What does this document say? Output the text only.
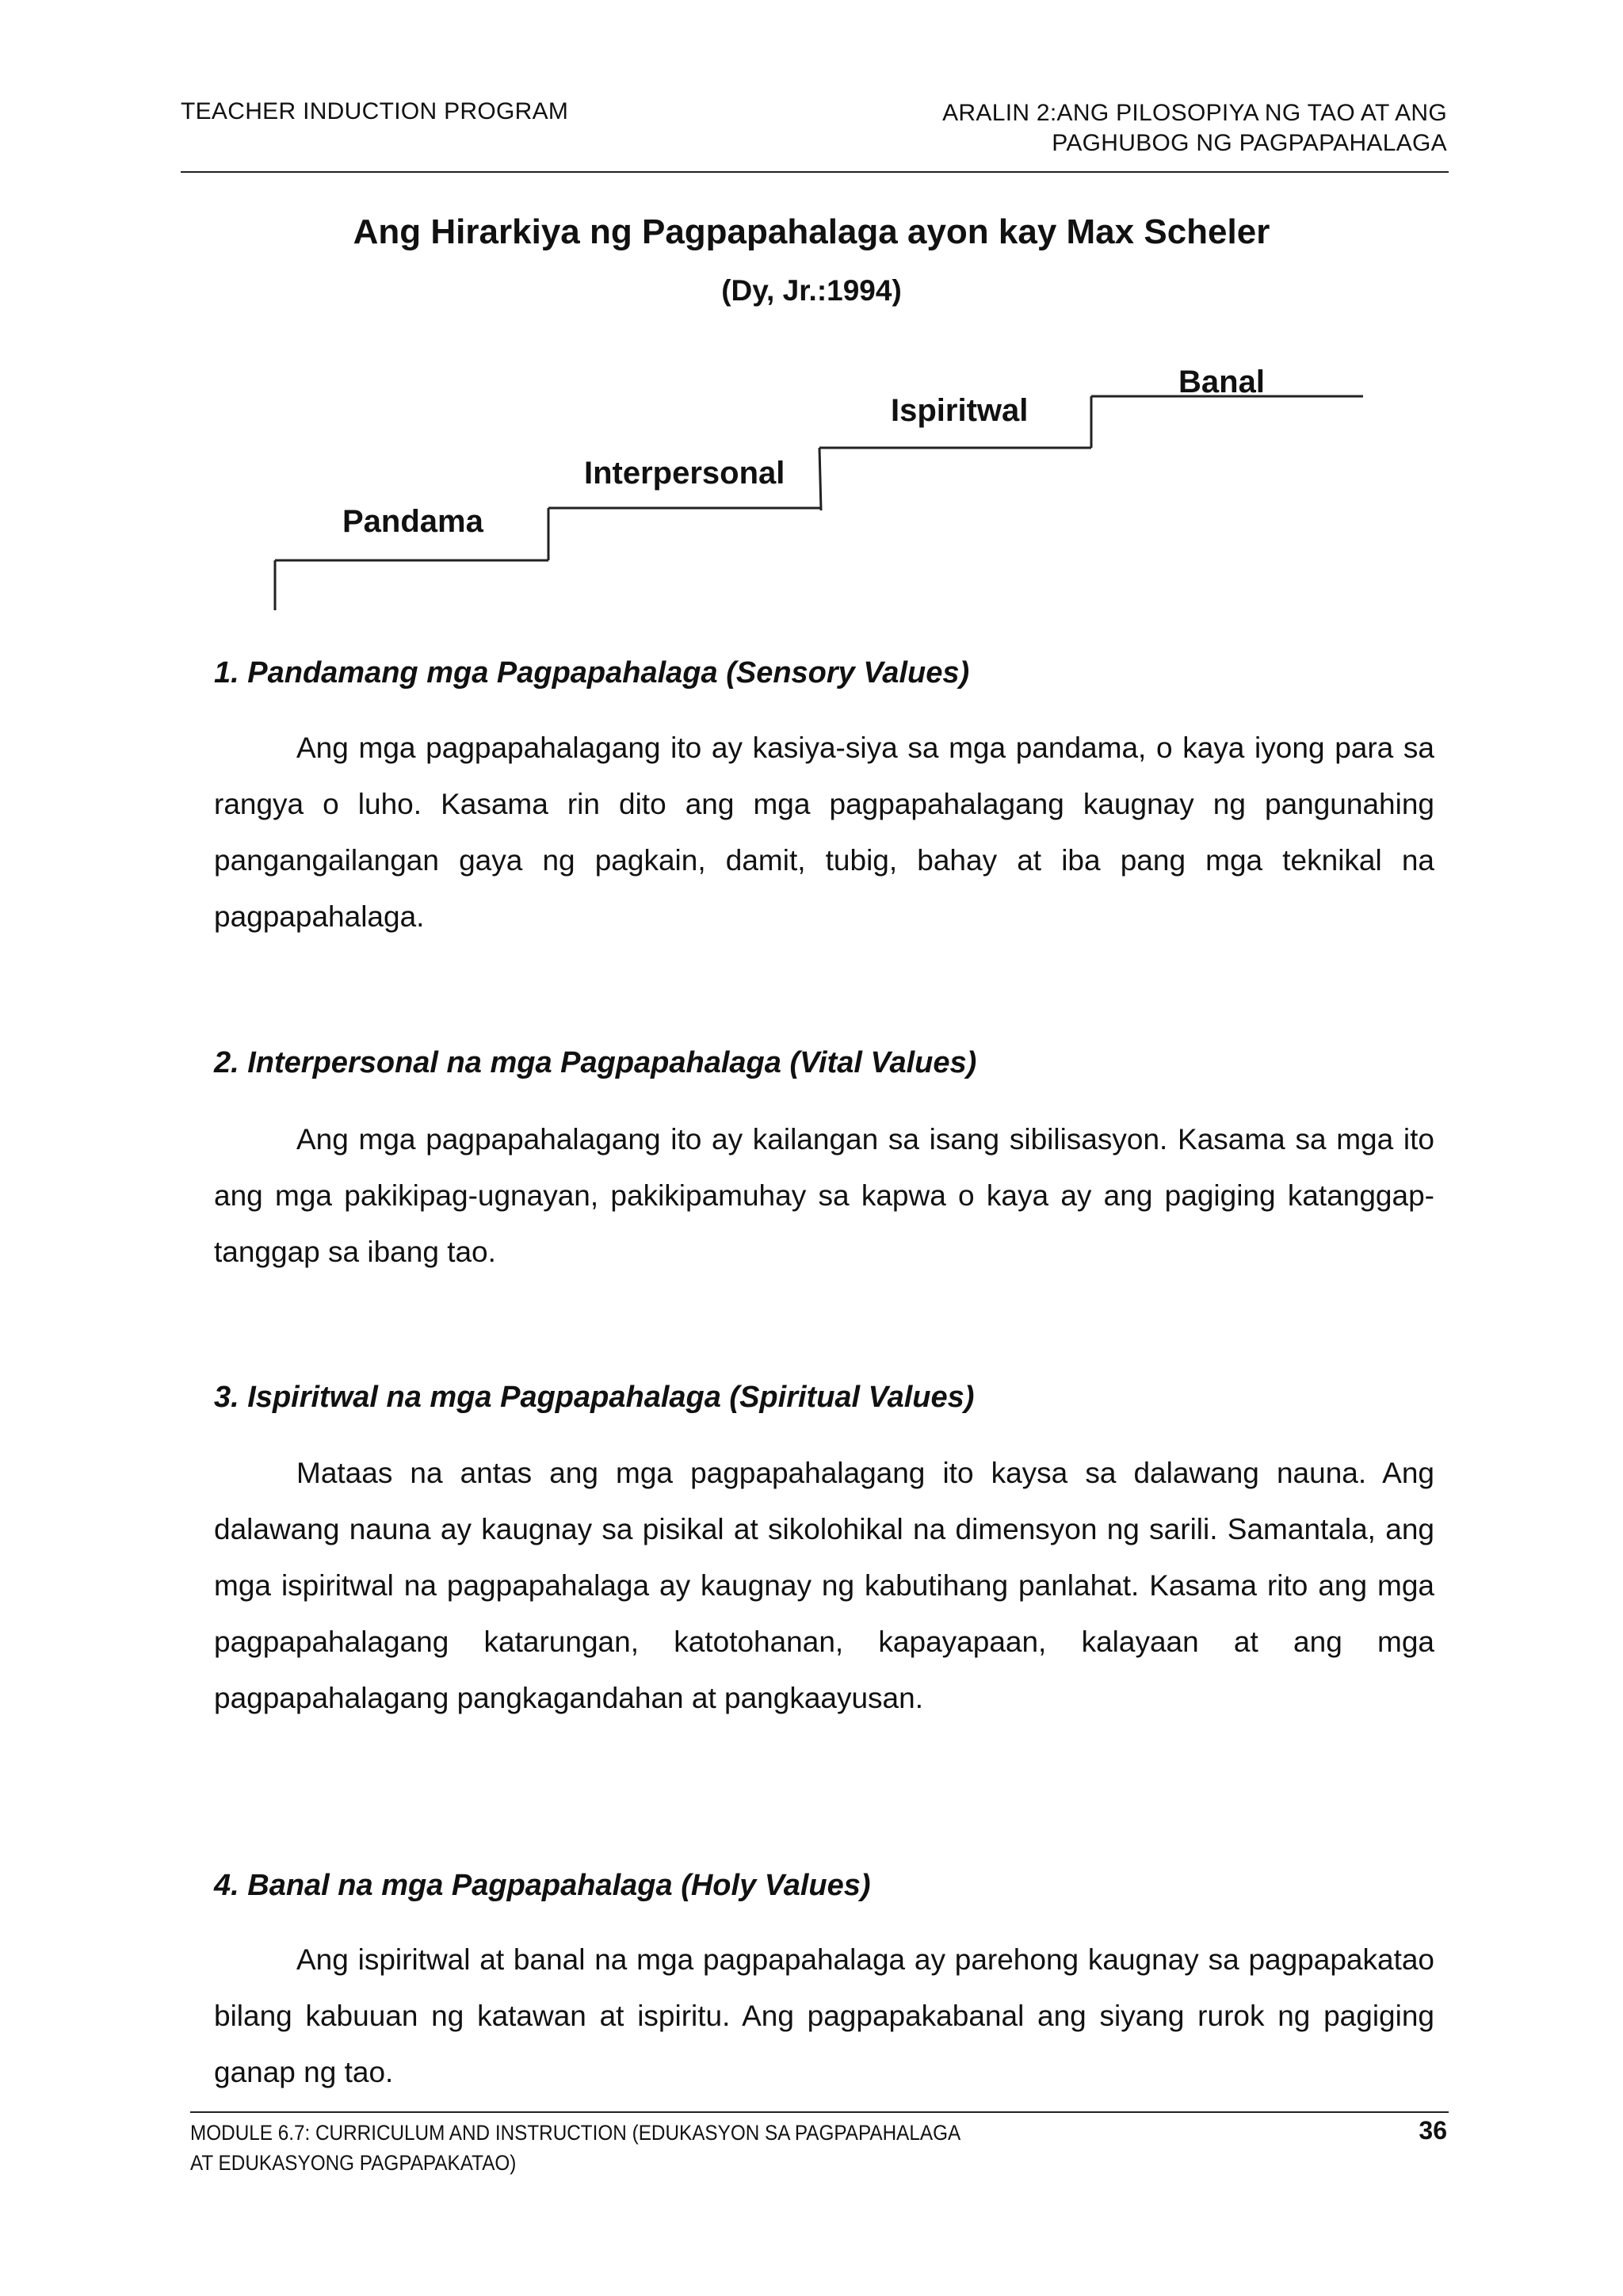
TEACHER INDUCTION PROGRAM	ARALIN 2:ANG PILOSOPIYA NG TAO AT ANG
PAGHUBOG NG PAGPAPAHALAGA
Ang Hirarkiya ng Pagpapahalaga ayon kay Max Scheler
(Dy, Jr.:1994)
Pandama
Interpersonal
Ispiritwal
Banal
1. Pandamang mga Pagpapahalaga (Sensory Values)

Ang mga pagpapahalagang ito ay kasiya-siya sa mga pandama, o kaya iyong para sa rangya o luho. Kasama rin dito ang mga pagpapahalagang kaugnay ng pangunahing pangangailangan gaya ng pagkain, damit, tubig, bahay at iba pang mga teknikal na pagpapahalaga.

2. Interpersonal na mga Pagpapahalaga (Vital Values)

Ang mga pagpapahalagang ito ay kailangan sa isang sibilisasyon. Kasama sa mga ito ang mga pakikipag-ugnayan, pakikipamuhay sa kapwa o kaya ay ang pagiging katanggap-tanggap sa ibang tao.

3. Ispiritwal na mga Pagpapahalaga (Spiritual Values)

Mataas na antas ang mga pagpapahalagang ito kaysa sa dalawang nauna. Ang dalawang nauna ay kaugnay sa pisikal at sikolohikal na dimensyon ng sarili. Samantala, ang mga ispiritwal na pagpapahalaga ay kaugnay ng kabutihang panlahat. Kasama rito ang mga pagpapahalagang katarungan, katotohanan, kapayapaan, kalayaan at ang mga pagpapahalagang pangkagandahan at pangkaayusan.

4. Banal na mga Pagpapahalaga (Holy Values)

Ang ispiritwal at banal na mga pagpapahalaga ay parehong kaugnay sa pagpapakatao bilang kabuuan ng katawan at ispiritu. Ang pagpapakabanal ang siyang rurok ng pagiging ganap ng tao.

MODULE 6.7: CURRICULUM AND INSTRUCTION (EDUKASYON SA PAGPAPAHALAGA
AT EDUKASYONG PAGPAPAKATAO)
36
